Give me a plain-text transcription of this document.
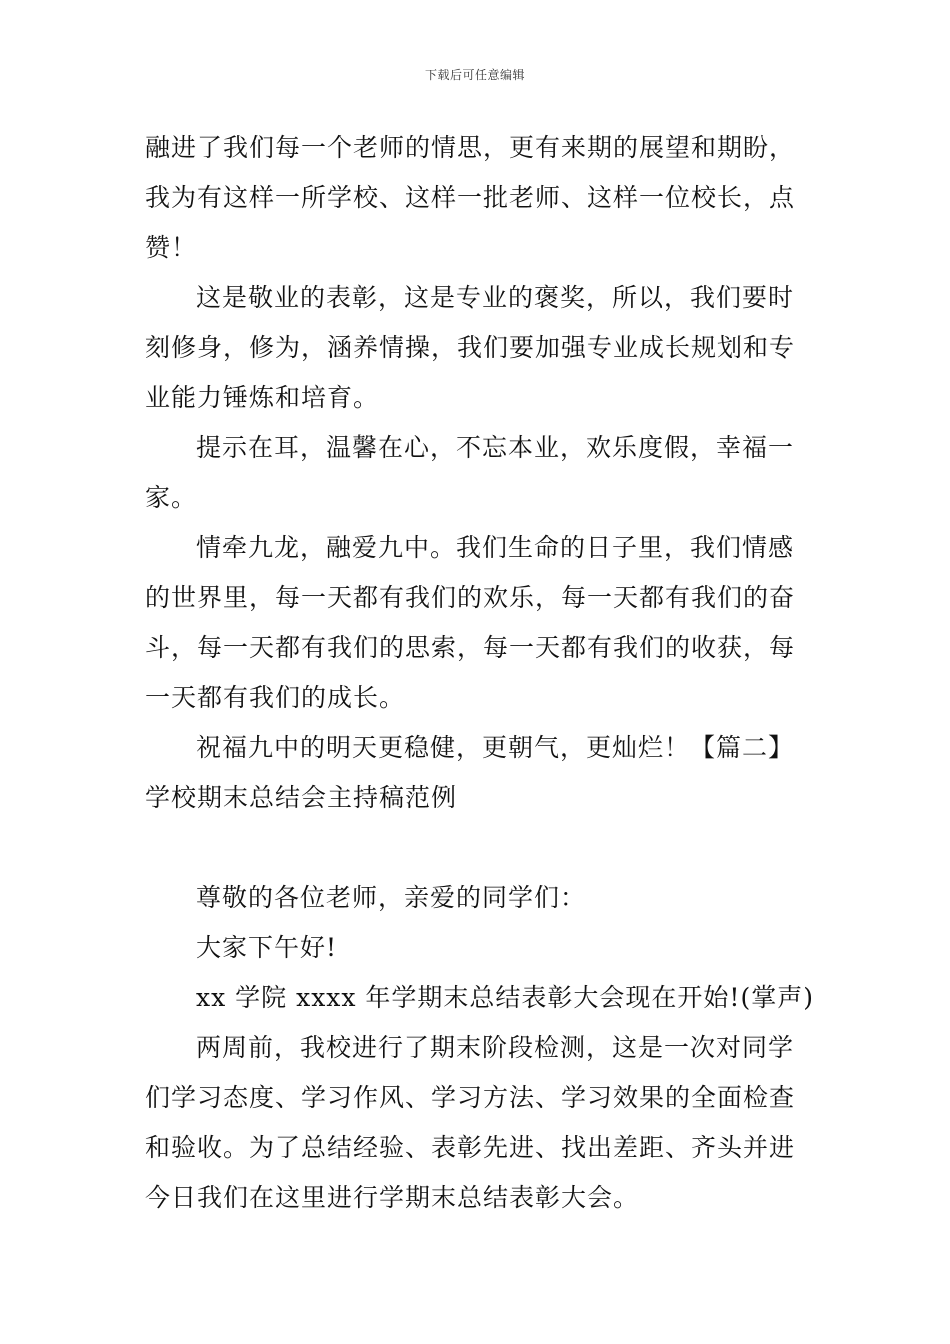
下载后可任意编辑
融进了我们每一个老师的情思，更有来期的展望和期盼，
我为有这样一所学校、这样一批老师、这样一位校长，点
赞！
这是敬业的表彰，这是专业的褒奖，所以，我们要时
刻修身，修为，涵养情操，我们要加强专业成长规划和专
业能力锤炼和培育。
提示在耳，温馨在心，不忘本业，欢乐度假，幸福一
家。
情牵九龙，融爱九中。我们生命的日子里，我们情感
的世界里，每一天都有我们的欢乐，每一天都有我们的奋
斗，每一天都有我们的思索，每一天都有我们的收获，每
一天都有我们的成长。
祝福九中的明天更稳健，更朝气，更灿烂！【篇二】
学校期末总结会主持稿范例
尊敬的各位老师，亲爱的同学们：
大家下午好!
xx 学院 xxxx 年学期末总结表彰大会现在开始!(掌声)
两周前，我校进行了期末阶段检测，这是一次对同学
们学习态度、学习作风、学习方法、学习效果的全面检查
和验收。为了总结经验、表彰先进、找出差距、齐头并进
今日我们在这里进行学期末总结表彰大会。
